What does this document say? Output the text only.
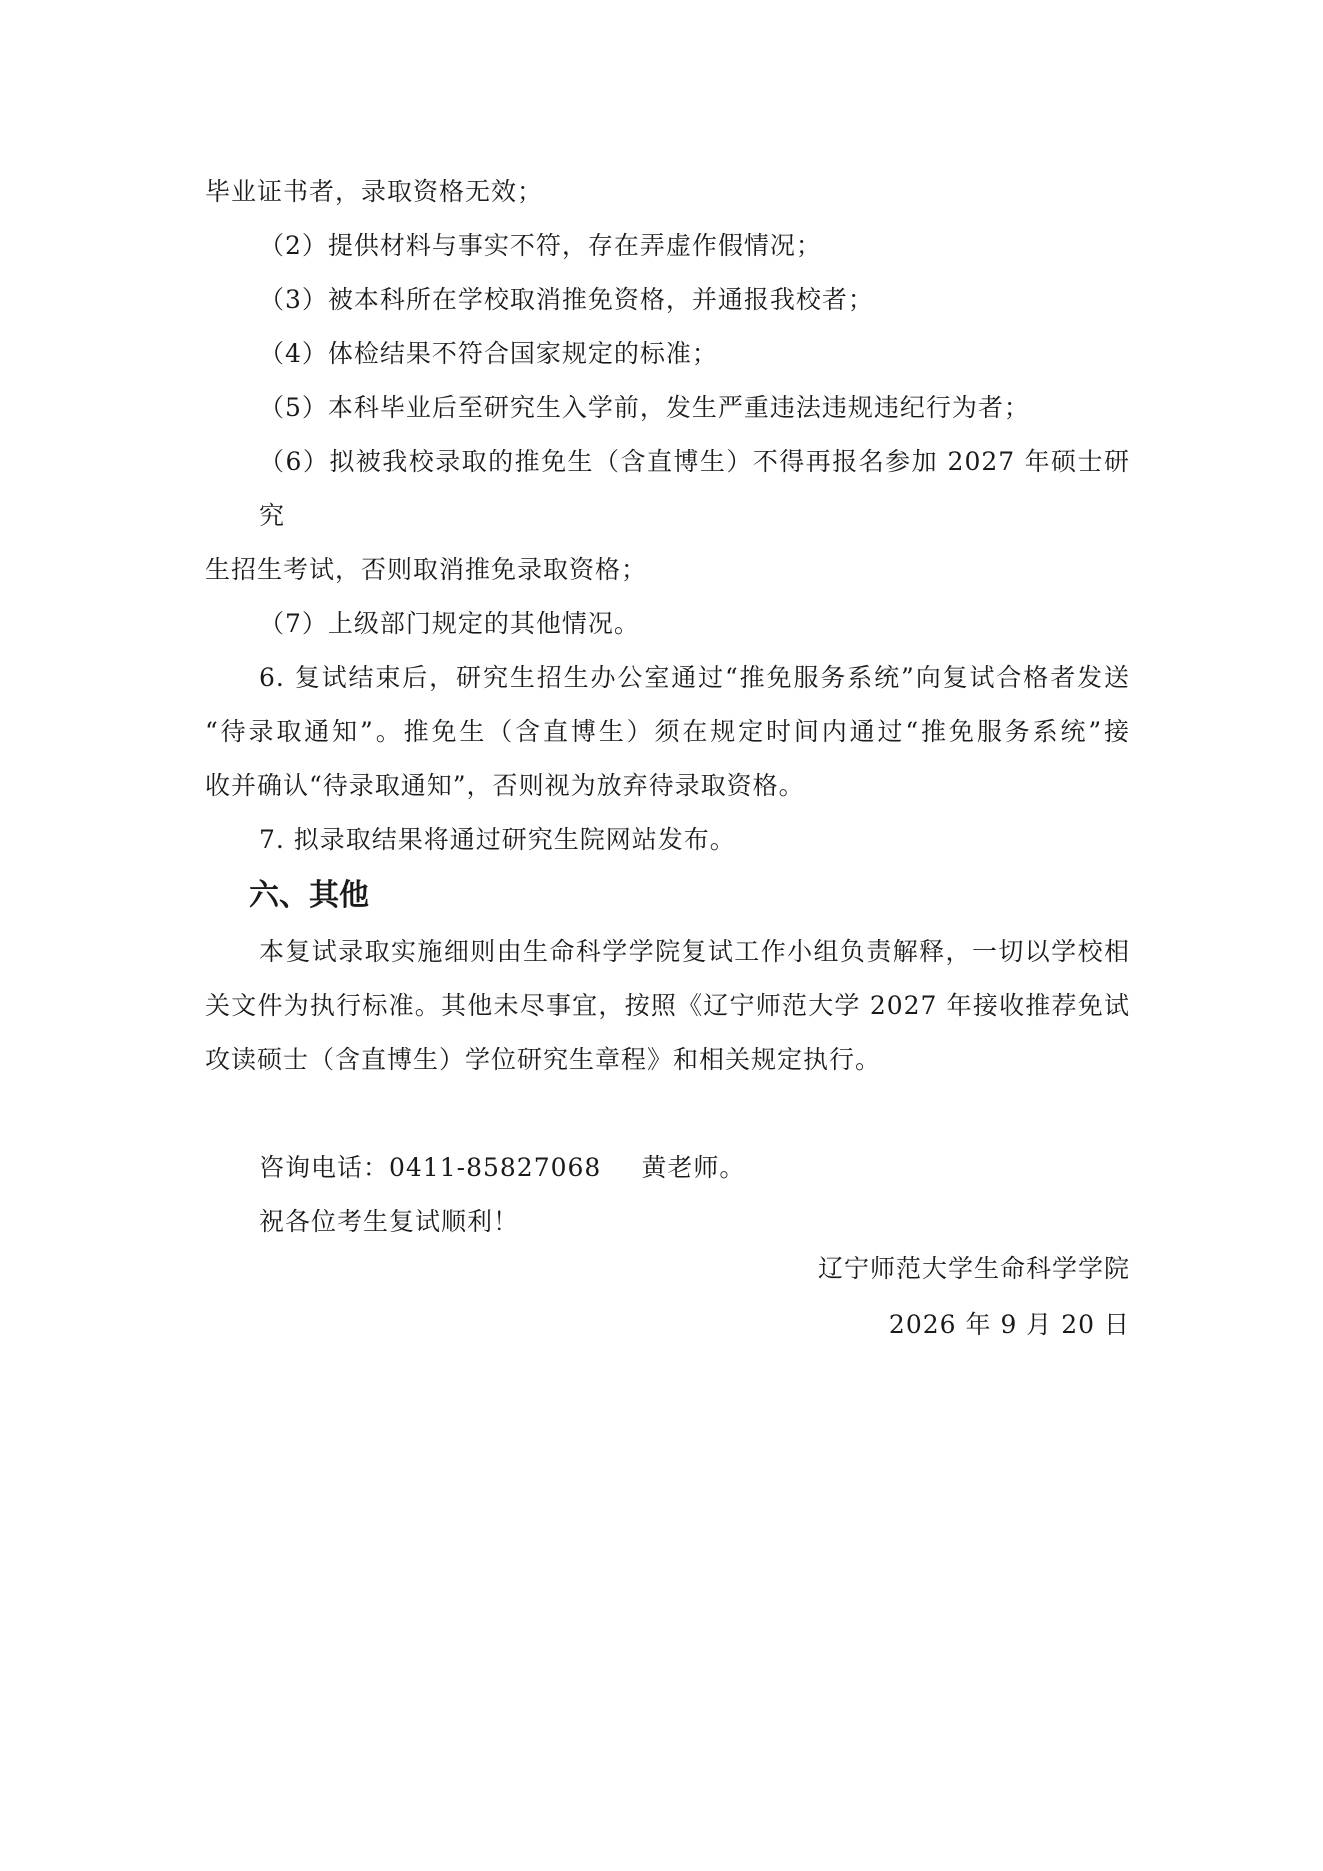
毕业证书者，录取资格无效；
（2）提供材料与事实不符，存在弄虚作假情况；
（3）被本科所在学校取消推免资格，并通报我校者；
（4）体检结果不符合国家规定的标准；
（5）本科毕业后至研究生入学前，发生严重违法违规违纪行为者；
（6）拟被我校录取的推免生（含直博生）不得再报名参加 2027 年硕士研究
生招生考试，否则取消推免录取资格；
（7）上级部门规定的其他情况。
6. 复试结束后，研究生招生办公室通过“推免服务系统”向复试合格者发送
“待录取通知”。推免生（含直博生）须在规定时间内通过“推免服务系统”接
收并确认“待录取通知”，否则视为放弃待录取资格。
7. 拟录取结果将通过研究生院网站发布。
六、其他
本复试录取实施细则由生命科学学院复试工作小组负责解释，一切以学校相
关文件为执行标准。其他未尽事宜，按照《辽宁师范大学 2027 年接收推荐免试
攻读硕士（含直博生）学位研究生章程》和相关规定执行。
咨询电话：0411-85827068 黄老师。
祝各位考生复试顺利！
辽宁师范大学生命科学学院
2026 年 9 月 20 日
